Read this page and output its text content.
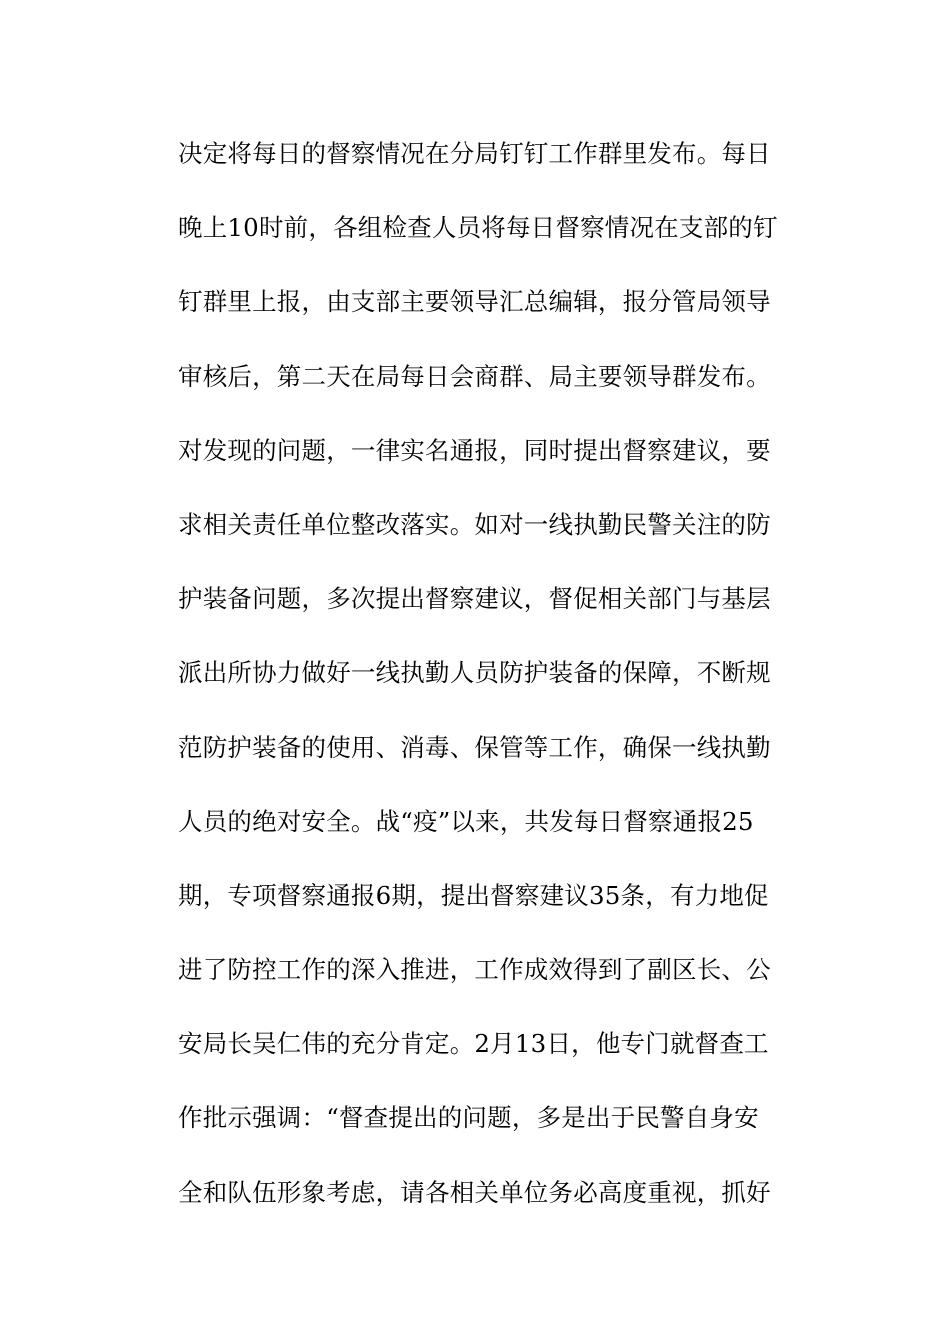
决定将每日的督察情况在分局钉钉工作群里发布。每日
晚上10时前，各组检查人员将每日督察情况在支部的钉
钉群里上报，由支部主要领导汇总编辑，报分管局领导
审核后，第二天在局每日会商群、局主要领导群发布。
对发现的问题，一律实名通报，同时提出督察建议，要
求相关责任单位整改落实。如对一线执勤民警关注的防
护装备问题，多次提出督察建议，督促相关部门与基层
派出所协力做好一线执勤人员防护装备的保障，不断规
范防护装备的使用、消毒、保管等工作，确保一线执勤
人员的绝对安全。战“疫”以来，共发每日督察通报25
期，专项督察通报6期，提出督察建议35条，有力地促
进了防控工作的深入推进，工作成效得到了副区长、公
安局长吴仁伟的充分肯定。2月13日，他专门就督查工
作批示强调：“督查提出的问题，多是出于民警自身安
全和队伍形象考虑，请各相关单位务必高度重视，抓好
